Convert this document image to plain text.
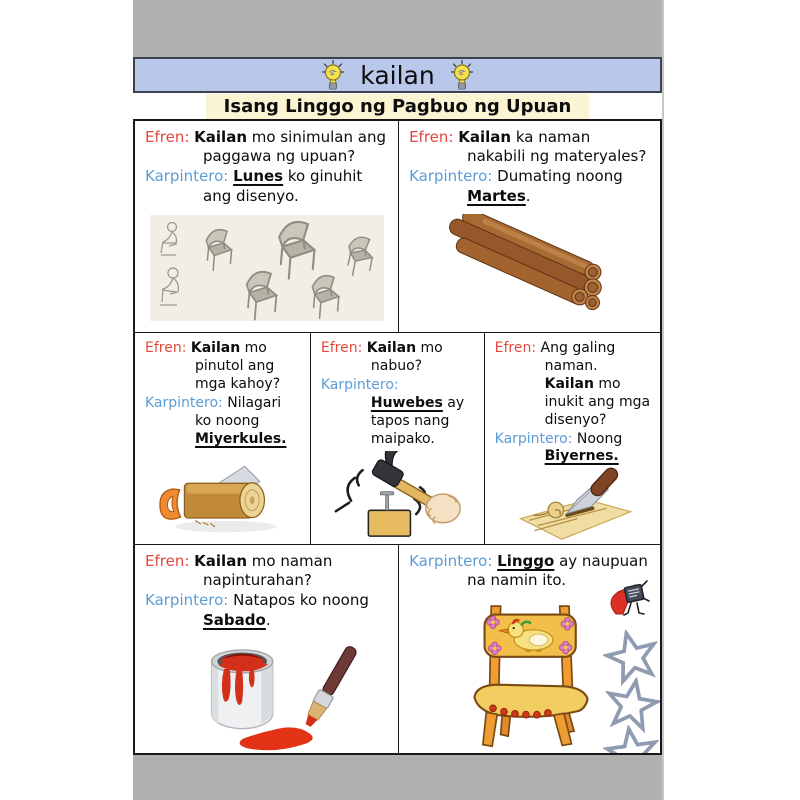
kailan
Isang Linggo ng Pagbuo ng Upuan

Efren: Kailan mo sinimulan ang paggawa ng upuan?

Karpintero: Lunes ko ginuhit ang disenyo.

Efren: Kailan ka naman nakabili ng materyales?

Karpintero: Dumating noong Martes.

Efren: Kailan mo pinutol ang mga kahoy?

Karpintero: Nilagari ko noong Miyerkules.

Efren: Kailan mo nabuo?

Karpintero: Huwebes ay tapos nang maipako.

Efren: Ang galing naman. Kailan mo inukit ang mga disenyo?

Karpintero: Noong Biyernes.

Efren: Kailan mo naman napinturahan?

Karpintero: Natapos ko noong Sabado.

Karpintero: Linggo ay naupuan na namin ito.
